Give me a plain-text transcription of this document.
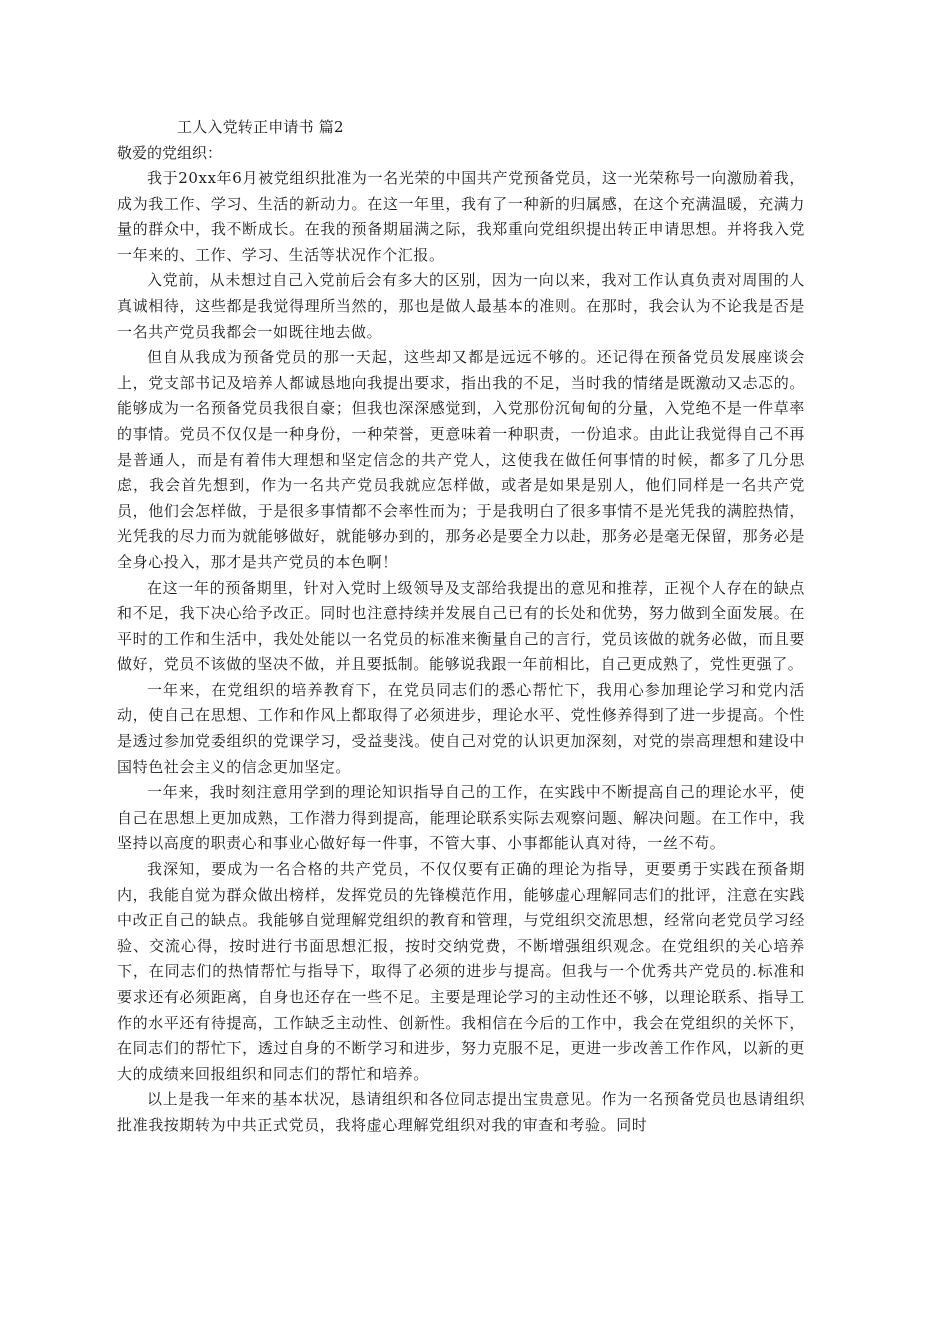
工人入党转正申请书 篇2
敬爱的党组织：

我于20xx年6月被党组织批准为一名光荣的中国共产党预备党员，这一光荣称号一向激励着我，成为我工作、学习、生活的新动力。在这一年里，我有了一种新的归属感，在这个充满温暖，充满力量的群众中，我不断成长。在我的预备期届满之际，我郑重向党组织提出转正申请思想。并将我入党一年来的、工作、学习、生活等状况作个汇报。

入党前，从未想过自己入党前后会有多大的区别，因为一向以来，我对工作认真负责对周围的人真诚相待，这些都是我觉得理所当然的，那也是做人最基本的准则。在那时，我会认为不论我是否是一名共产党员我都会一如既往地去做。

但自从我成为预备党员的那一天起，这些却又都是远远不够的。还记得在预备党员发展座谈会上，党支部书记及培养人都诚恳地向我提出要求，指出我的不足，当时我的情绪是既激动又忐忑的。能够成为一名预备党员我很自豪；但我也深深感觉到，入党那份沉甸甸的分量，入党绝不是一件草率的事情。党员不仅仅是一种身份，一种荣誉，更意味着一种职责，一份追求。由此让我觉得自己不再是普通人，而是有着伟大理想和坚定信念的共产党人，这使我在做任何事情的时候，都多了几分思虑，我会首先想到，作为一名共产党员我就应怎样做，或者是如果是别人，他们同样是一名共产党员，他们会怎样做，于是很多事情都不会率性而为；于是我明白了很多事情不是光凭我的满腔热情，光凭我的尽力而为就能够做好，就能够办到的，那务必是要全力以赴，那务必是毫无保留，那务必是全身心投入，那才是共产党员的本色啊！

在这一年的预备期里，针对入党时上级领导及支部给我提出的意见和推荐，正视个人存在的缺点和不足，我下决心给予改正。同时也注意持续并发展自己已有的长处和优势，努力做到全面发展。在平时的工作和生活中，我处处能以一名党员的标准来衡量自己的言行，党员该做的就务必做，而且要做好，党员不该做的坚决不做，并且要抵制。能够说我跟一年前相比，自己更成熟了，党性更强了。

一年来，在党组织的培养教育下，在党员同志们的悉心帮忙下，我用心参加理论学习和党内活动，使自己在思想、工作和作风上都取得了必须进步，理论水平、党性修养得到了进一步提高。个性是透过参加党委组织的党课学习，受益斐浅。使自己对党的认识更加深刻，对党的崇高理想和建设中国特色社会主义的信念更加坚定。

一年来，我时刻注意用学到的理论知识指导自己的工作，在实践中不断提高自己的理论水平，使自己在思想上更加成熟，工作潜力得到提高，能理论联系实际去观察问题、解决问题。在工作中，我坚持以高度的职责心和事业心做好每一件事，不管大事、小事都能认真对待，一丝不苟。

我深知，要成为一名合格的共产党员，不仅仅要有正确的理论为指导，更要勇于实践在预备期内，我能自觉为群众做出榜样，发挥党员的先锋模范作用，能够虚心理解同志们的批评，注意在实践中改正自己的缺点。我能够自觉理解党组织的教育和管理，与党组织交流思想，经常向老党员学习经验、交流心得，按时进行书面思想汇报，按时交纳党费，不断增强组织观念。在党组织的关心培养下，在同志们的热情帮忙与指导下，取得了必须的进步与提高。但我与一个优秀共产党员的.标准和要求还有必须距离，自身也还存在一些不足。主要是理论学习的主动性还不够，以理论联系、指导工作的水平还有待提高，工作缺乏主动性、创新性。我相信在今后的工作中，我会在党组织的关怀下，在同志们的帮忙下，透过自身的不断学习和进步，努力克服不足，更进一步改善工作作风，以新的更大的成绩来回报组织和同志们的帮忙和培养。

以上是我一年来的基本状况，恳请组织和各位同志提出宝贵意见。作为一名预备党员也恳请组织批准我按期转为中共正式党员，我将虚心理解党组织对我的审查和考验。同时
